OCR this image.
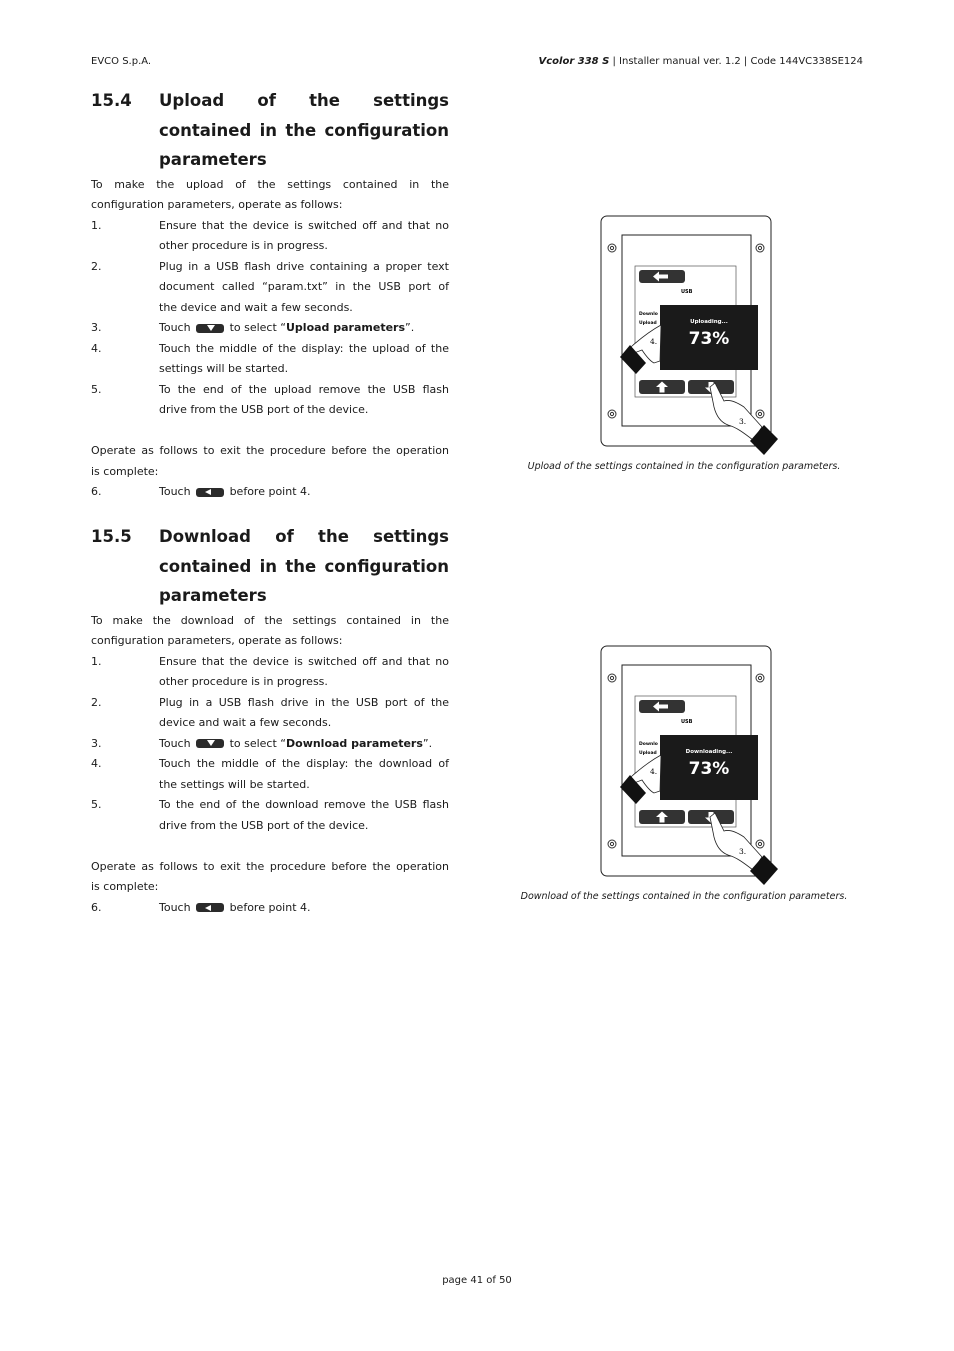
EVCO S.p.A.	Vcolor 338 S | Installer manual ver. 1.2 | Code 144VC338SE124
15.4	Upload of the settings
contained in the configuration
parameters

To make the upload of the settings contained in the
configuration parameters, operate as follows:

1.	Ensure that the device is switched off and that no
other procedure is in progress.
2.	Plug in a USB flash drive containing a proper text
document called “param.txt” in the USB port of
the device and wait a few seconds.
3.	Touch	to select “Upload parameters”.
4.	Touch the middle of the display: the upload of the
settings will be started.
5.	To the end of the upload remove the USB flash
drive from the USB port of the device.

Operate as follows to exit the procedure before the operation
is complete:

6.	Touch	before point 4.
15.5	Download of the settings
contained in the configuration
parameters

To make the download of the settings contained in the
configuration parameters, operate as follows:

1.	Ensure that the device is switched off and that no
other procedure is in progress.
2.	Plug in a USB flash drive in the USB port of the
device and wait a few seconds.
3.	Touch	to select “Download parameters”.
4.	Touch the middle of the display: the download of
the settings will be started.
5.	To the end of the download remove the USB flash
drive from the USB port of the device.

Operate as follows to exit the procedure before the operation
is complete:

6.	Touch	before point 4.
USB
Downlo
Upload	Uploading...
73%
4.
3.
Upload of the settings contained in the configuration parameters.
USB
Downlo
Upload	Downloading...
73%
4.
3.
Download of the settings contained in the configuration parameters.
page 41 of 50
